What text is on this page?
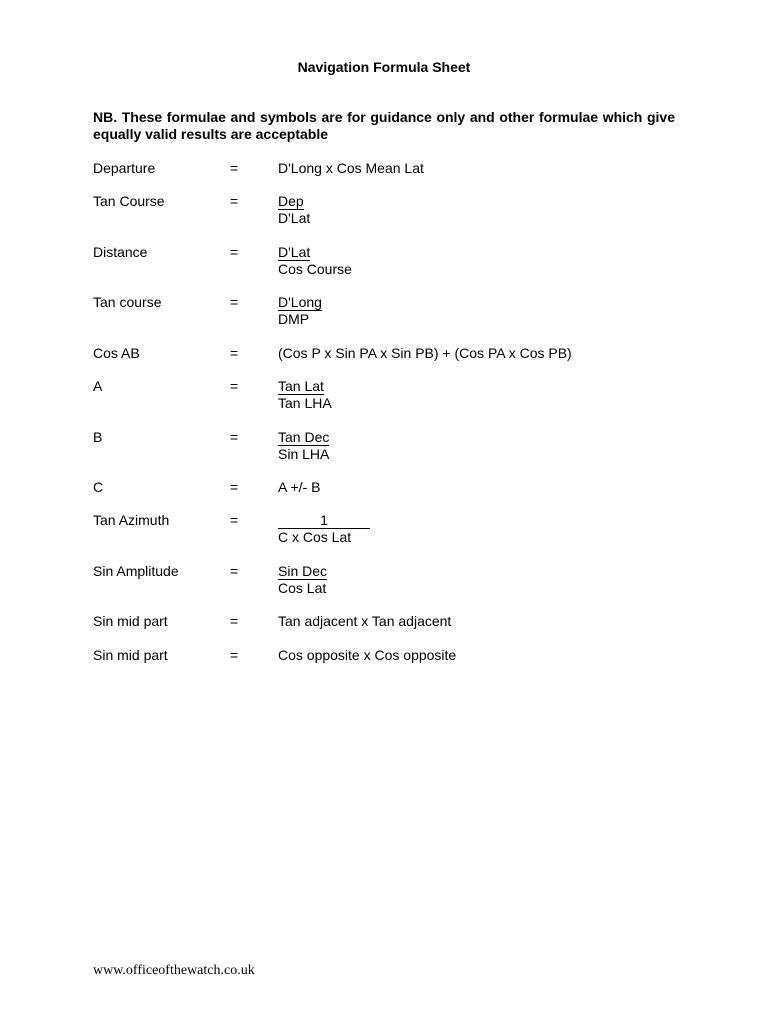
Navigation Formula Sheet
NB. These formulae and symbols are for guidance only and other formulae which give equally valid results are acceptable
Departure	=	D'Long x Cos Mean Lat
Tan Course	=	Dep
D'Lat
Distance	=	D'Lat
Cos Course
Tan course	=	D'Long
DMP
Cos AB	=	(Cos P x Sin PA x Sin PB) + (Cos PA x Cos PB)
A	=	Tan Lat
Tan LHA
B	=	Tan Dec
Sin LHA
C	=	A +/- B
Tan Azimuth	=	1
C x Cos Lat
Sin Amplitude	=	Sin Dec
Cos Lat
Sin mid part	=	Tan adjacent x Tan adjacent
Sin mid part	=	Cos opposite x Cos opposite
www.officeofthewatch.co.uk
